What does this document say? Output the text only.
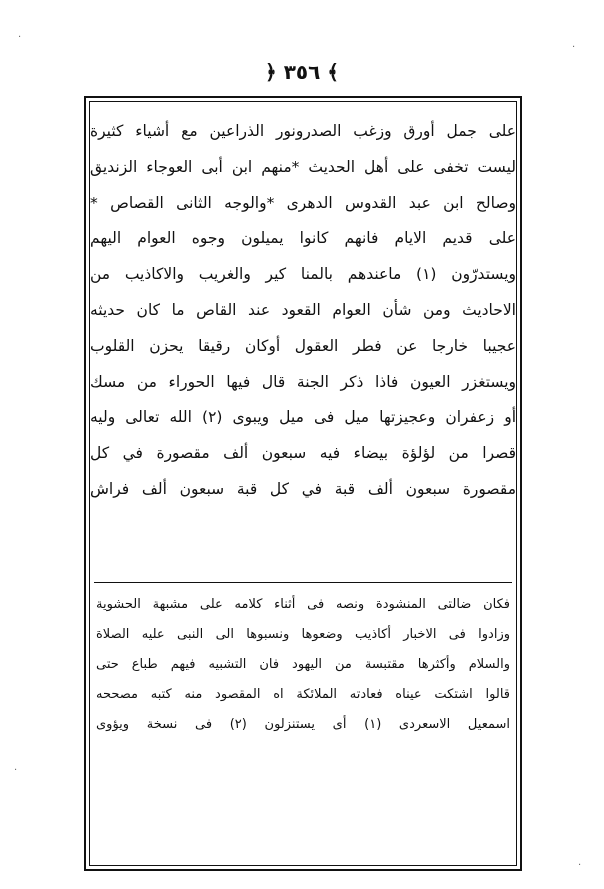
﴿ ٣٥٦ ﴾
على جمل أورق وزغب الصدرونور الذراعين مع أشياء كثيرة
ليست تخفى على أهل الحديث *منهم ابن أبى العوجاء الزنديق
وصالح ابن عبد القدوس الدهرى *والوجه الثانى القصاص *
على قديم الايام فانهم كانوا يميلون وجوه العوام اليهم
ويستدرّون (١) ماعندهم بالمنا كير والغريب والاكاذيب من
الاحاديث ومن شأن العوام القعود عند القاص ما كان حديثه
عجيبا خارجا عن فطر العقول أوكان رقيقا يحزن القلوب
ويستغزر العيون فاذا ذكر الجنة قال فيها الحوراء من مسك
أو زعفران وعجيزتها ميل فى ميل ويبوى (٢) الله تعالى وليه
قصرا من لؤلؤة بيضاء فيه سبعون ألف مقصورة في كل
مقصورة سبعون ألف قبة في كل قبة سبعون ألف فراش
فكان ضالتى المنشودة ونصه فى أثناء كلامه على مشبهة الحشوية
وزادوا فى الاخبار أكاذيب وضعوها ونسبوها الى النبى عليه الصلاة
والسلام وأكثرها مقتبسة من اليهود فان التشبيه فيهم طباع حتى
قالوا اشتكت عيناه فعادته الملائكة اه المقصود منه كتبه مصححه
اسمعيل الاسعردى (١) أى يستنزلون (٢) فى نسخة ويؤوى
·
·
·
·
